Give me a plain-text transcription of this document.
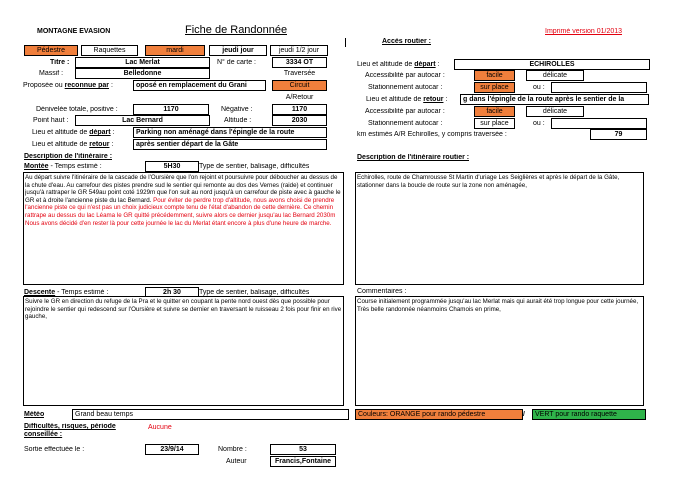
MONTAGNE EVASION	Fiche de Randonnée	Imprimé version 01/2013
Pédestre	Raquettes	mardi	jeudi jour	jeudi 1/2 jour
Titre :	Lac Merlat	N° de carte :	3334 OT
Massif :	Belledonne	Traversée
Proposée ou reconnue par :	oposé en remplacement du Grani	Circuit
A/Retour
Dénivelée totale, positive :	1170	Négative :	1170
Point haut :	Lac Bernard	Altitude :	2030
Lieu et altitude de départ :	Parking non aménagé dans l'épingle de la route
Lieu et altitude de retour :	après sentier départ de la Gâte
Description de l'itinéraire :
Montée - Temps estimé :	5H30	Type de sentier, balisage, difficultés
Au départ suivre l'itinéraire de la cascade de l'Oursière que l'on rejoint et poursuivre pour déboucher au dessus de la chute d'eau. Au carrefour des pistes prendre sud le sentier qui remonte au dos des Vernes (raide) et continuer jusqu'à rattraper le GR 549au point coté 1929m que l'on suit au nord jusqu'à un carrefour de piste avec à gauche le GR et à droite l'ancienne piste du lac Bernard. Pour éviter de perdre trop d'altitude, nous avons choisi de prendre l'ancienne piste ce qui n'est pas un choix judicieux compte tenu de l'état d'abandon de cette dernière. Ce chemin rattrape au dessus du lac Léama le GR quitté précédemment, suivre alors ce dernier jusqu'au lac Bernard 2030m Nous avons décidé d'en rester là pour cette journée le lac du Merlat étant encore à plus d'une heure de marche.
Descente - Temps estimé :	2h 30	Type de sentier, balisage, difficultés
Suivre le GR en direction du refuge de la Pra et le quitter en coupant la pente nord ouest dès que possible pour rejoindre le sentier qui redescend sur l'Oursière et suivre se dernier en traversant le ruisseau 2 fois pour finir en rive gauche,
Météo	Grand beau temps
Difficultés, risques, période conseillée :
Aucune
Sortie effectuée le :	23/9/14	Nombre :	53
Auteur	Francis,Fontaine
Accès routier :
Lieu et altitude de départ :	ECHIROLLES
Accessibilité par autocar :	facile	délicate
Stationnement autocar :	sur place	ou :
Lieu et altitude de retour :	g dans l'épingle de la route après le sentier de la
Accessibilité par autocar :	facile	délicate
Stationnement autocar :	sur place	ou :
km estimés A/R Echirolles, y compris traversée :	79
Description de l'itinéraire routier :
Echirolles, route de Chamrousse St Martin d'uriage Les Seiglières et après le départ de la Gâte, stationner dans la boucle de route sur la zone non aménagée,
Commentaires :
Course initialement programmée jusqu'au lac Merlat mais qui aurait été trop longue pour cette journée, Très belle randonnée néanmoins Chamois en prime,
Couleurs: ORANGE pour rando pédestre	/	VERT pour rando raquette
